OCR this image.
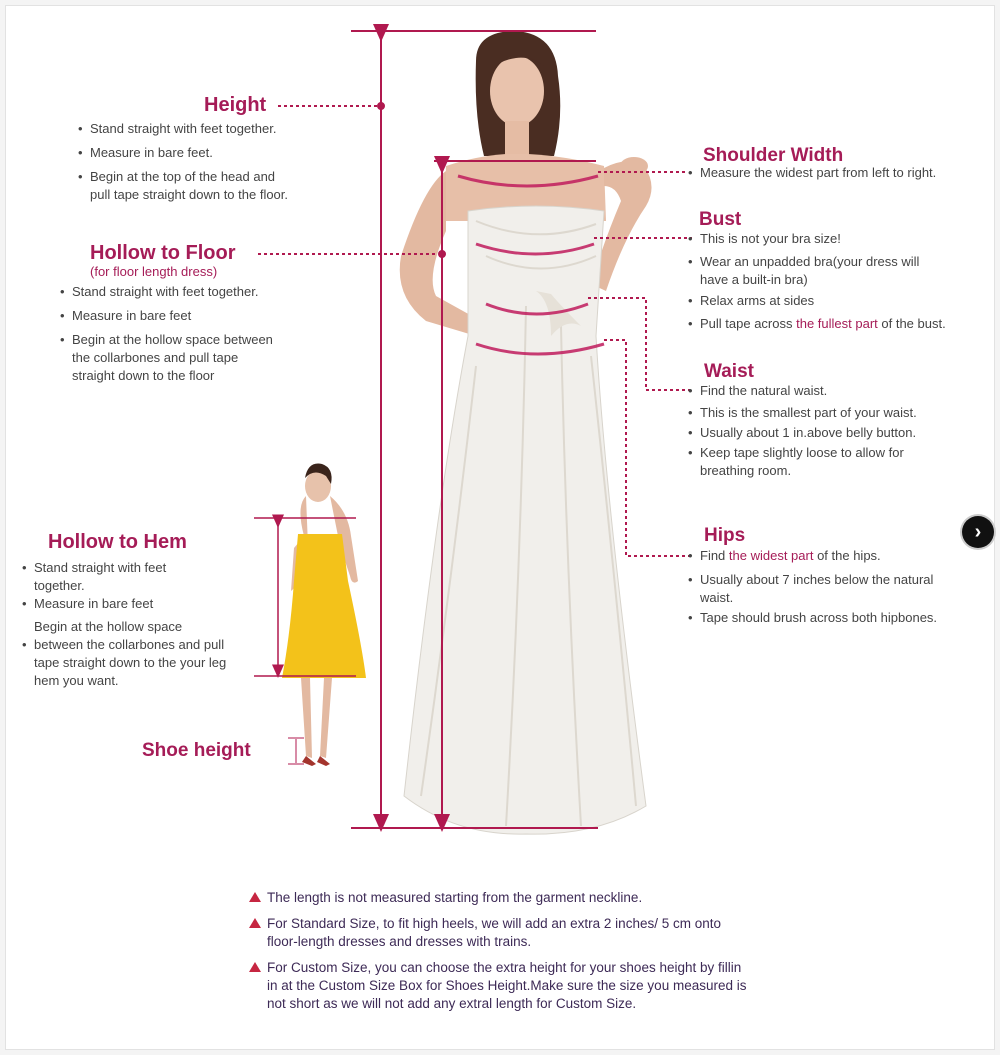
Height
• Stand straight with feet together.
• Measure in bare feet.
• Begin at the top of the head and
pull tape straight down to the floor.
Hollow to Floor
(for floor length dress)
• Stand straight with feet together.
• Measure in bare feet
• Begin at the hollow space between
the collarbones and pull tape
straight down to the floor
Hollow to Hem
• Stand straight with feet
together.
• Measure in bare feet
Begin at the hollow space
• between the collarbones and pull
tape straight down to the your leg
hem you want.
Shoe height
Shoulder Width
• Measure the widest part from left to right.
Bust
• This is not your bra size!
• Wear an unpadded bra(your dress will
have a built-in bra)
• Relax arms at sides
• Pull tape across the fullest part of the bust.
Waist
• Find the natural waist.
• This is the smallest part of your waist.
• Usually about 1 in.above belly button.
• Keep tape slightly loose to allow for
breathing room.
Hips
• Find the widest part of the hips.
• Usually about 7 inches below the natural
waist.
• Tape should brush across both hipbones.
›
The length is not measured starting from the garment neckline.
For Standard Size, to fit high heels, we will add an extra 2 inches/ 5 cm onto
floor-length dresses and dresses with trains.
For Custom Size, you can choose the extra height for your shoes height by fillin
in at the Custom Size Box for Shoes Height.Make sure the size you measured is
not short as we will not add any extral length for Custom Size.
